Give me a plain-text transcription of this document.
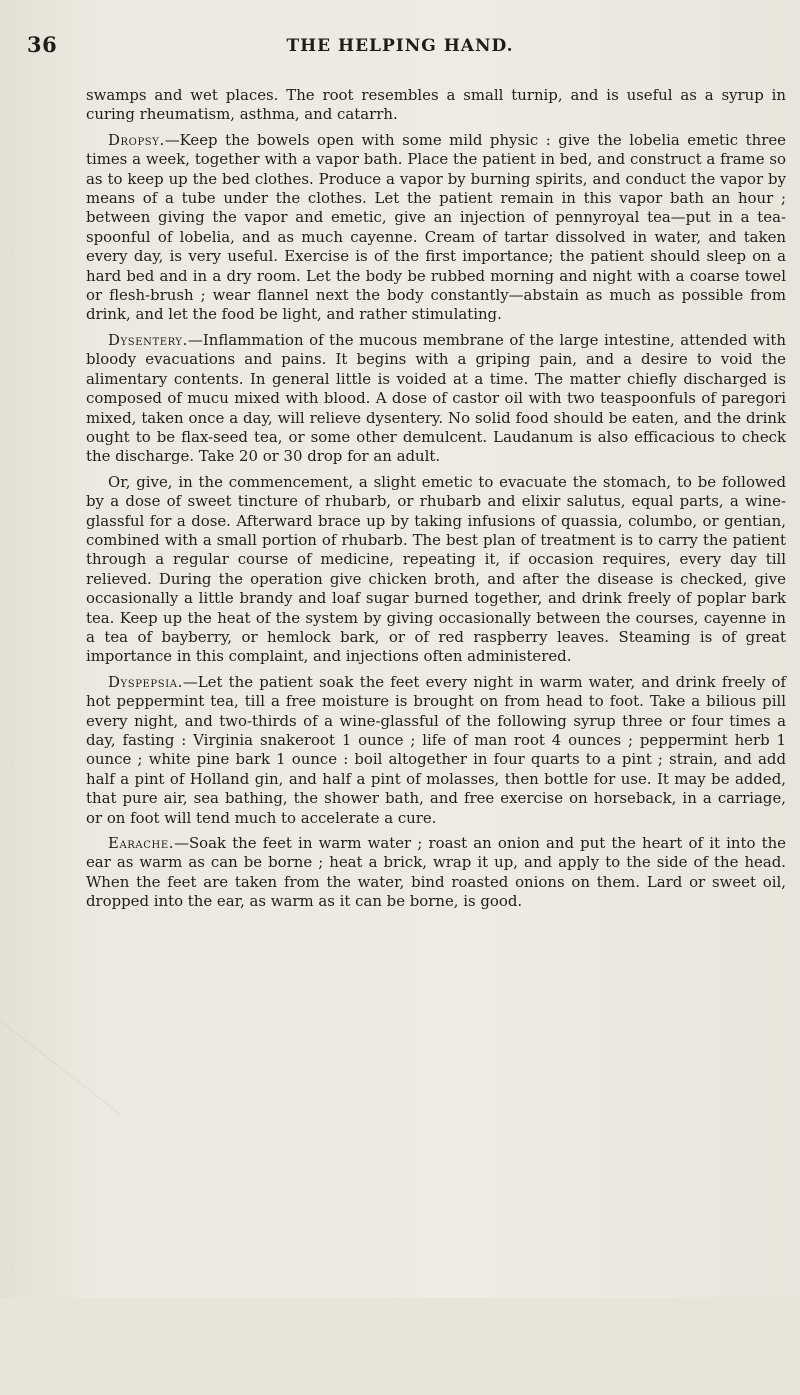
36	THE HELPING HAND.

swamps and wet places. The root resembles a small turnip, and is useful as a syrup in curing rheumatism, asthma, and catarrh.

Dropsy.—Keep the bowels open with some mild physic : give the lobelia emetic three times a week, together with a vapor bath. Place the patient in bed, and construct a frame so as to keep up the bed clothes. Produce a vapor by burning spirits, and conduct the vapor by means of a tube under the clothes. Let the patient remain in this vapor bath an hour ; between giving the vapor and emetic, give an injection of pennyroyal tea—put in a tea-spoonful of lobelia, and as much cayenne. Cream of tartar dissolved in water, and taken every day, is very useful. Exercise is of the first importance; the patient should sleep on a hard bed and in a dry room. Let the body be rubbed morning and night with a coarse towel or flesh-brush ; wear flannel next the body constantly—abstain as much as possible from drink, and let the food be light, and rather stimulating.

Dysentery.—Inflammation of the mucous membrane of the large intestine, attended with bloody evacuations and pains. It begins with a griping pain, and a desire to void the alimentary contents. In general little is voided at a time. The matter chiefly discharged is composed of mucu mixed with blood. A dose of castor oil with two teaspoonfuls of paregori mixed, taken once a day, will relieve dysentery. No solid food should be eaten, and the drink ought to be flax-seed tea, or some other demulcent. Laudanum is also efficacious to check the discharge. Take 20 or 30 drop for an adult.

Or, give, in the commencement, a slight emetic to evacuate the stomach, to be followed by a dose of sweet tincture of rhubarb, or rhubarb and elixir salutus, equal parts, a wine-glassful for a dose. Afterward brace up by taking infusions of quassia, columbo, or gentian, combined with a small portion of rhubarb. The best plan of treatment is to carry the patient through a regular course of medicine, repeating it, if occasion requires, every day till relieved. During the operation give chicken broth, and after the disease is checked, give occasionally a little brandy and loaf sugar burned together, and drink freely of poplar bark tea. Keep up the heat of the system by giving occasionally between the courses, cayenne in a tea of bayberry, or hemlock bark, or of red raspberry leaves. Steaming is of great importance in this complaint, and injections often administered.

Dyspepsia.—Let the patient soak the feet every night in warm water, and drink freely of hot peppermint tea, till a free moisture is brought on from head to foot. Take a bilious pill every night, and two-thirds of a wine-glassful of the following syrup three or four times a day, fasting : Virginia snakeroot 1 ounce ; life of man root 4 ounces ; peppermint herb 1 ounce ; white pine bark 1 ounce : boil altogether in four quarts to a pint ; strain, and add half a pint of Holland gin, and half a pint of molasses, then bottle for use. It may be added, that pure air, sea bathing, the shower bath, and free exercise on horseback, in a carriage, or on foot will tend much to accelerate a cure.

Earache.—Soak the feet in warm water ; roast an onion and put the heart of it into the ear as warm as can be borne ; heat a brick, wrap it up, and apply to the side of the head. When the feet are taken from the water, bind roasted onions on them. Lard or sweet oil, dropped into the ear, as warm as it can be borne, is good.
